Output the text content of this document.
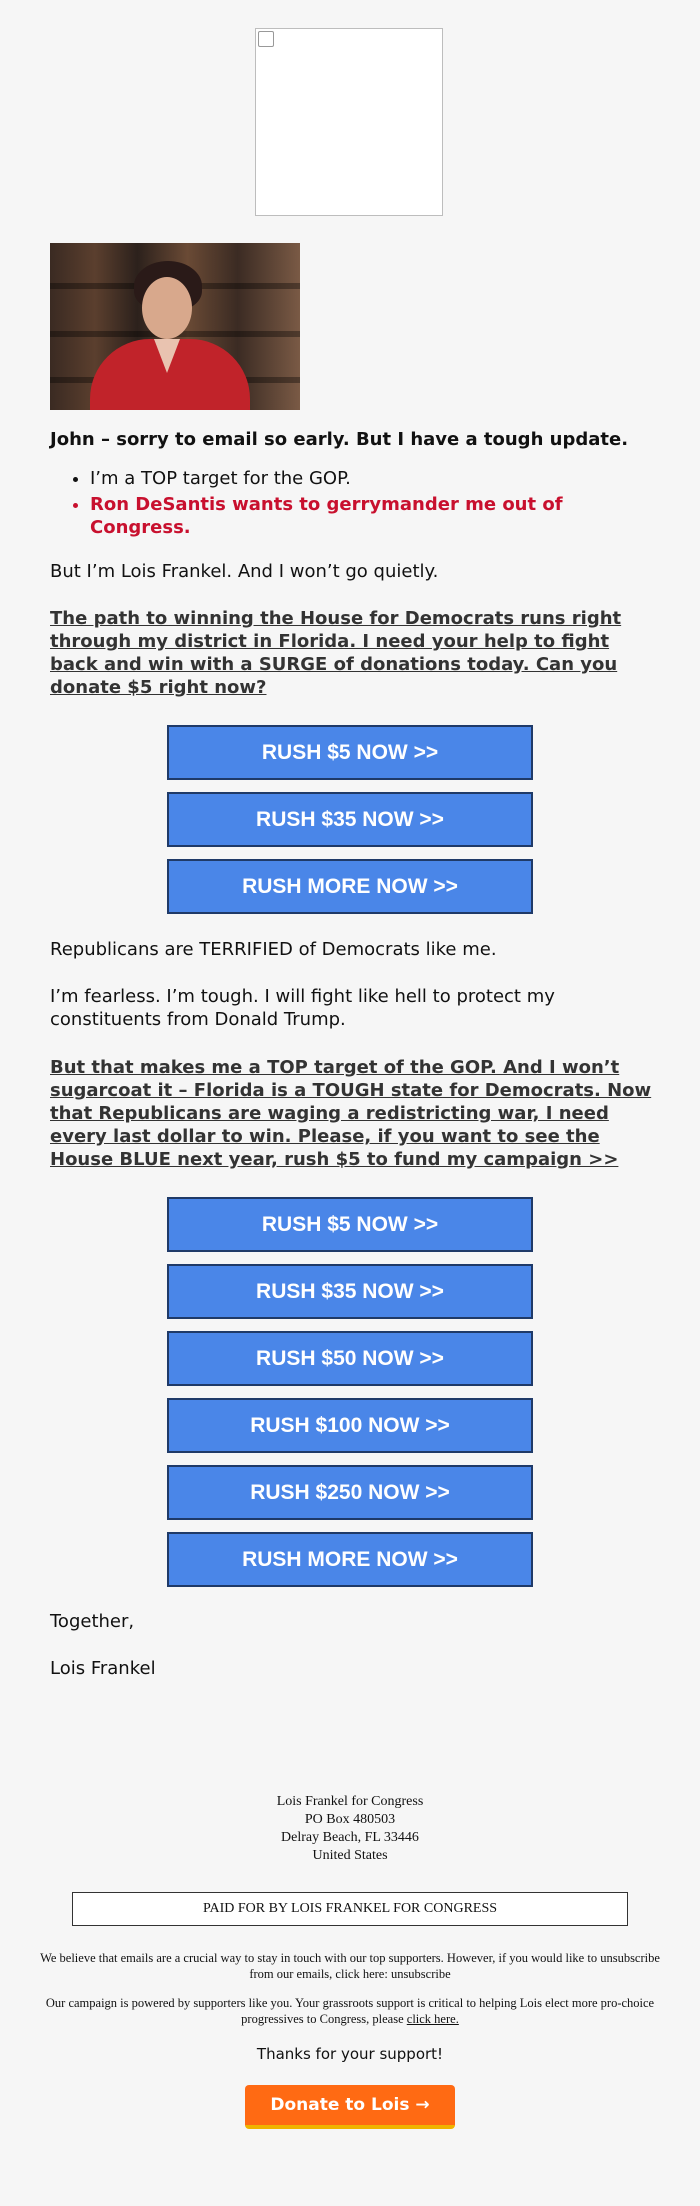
John – sorry to email so early. But I have a tough update.
• I’m a TOP target for the GOP.
• Ron DeSantis wants to gerrymander me out of Congress.
But I’m Lois Frankel. And I won’t go quietly.
The path to winning the House for Democrats runs right through my district in Florida. I need your help to fight back and win with a SURGE of donations today. Can you donate $5 right now?
RUSH $5 NOW >>
RUSH $35 NOW >>
RUSH MORE NOW >>
Republicans are TERRIFIED of Democrats like me.
I’m fearless. I’m tough. I will fight like hell to protect my constituents from Donald Trump.
But that makes me a TOP target of the GOP. And I won’t sugarcoat it – Florida is a TOUGH state for Democrats. Now that Republicans are waging a redistricting war, I need every last dollar to win. Please, if you want to see the House BLUE next year, rush $5 to fund my campaign >>
RUSH $5 NOW >>
RUSH $35 NOW >>
RUSH $50 NOW >>
RUSH $100 NOW >>
RUSH $250 NOW >>
RUSH MORE NOW >>
Together,
Lois Frankel
Lois Frankel for Congress
PO Box 480503
Delray Beach, FL 33446
United States
PAID FOR BY LOIS FRANKEL FOR CONGRESS
We believe that emails are a crucial way to stay in touch with our top supporters. However, if you would like to unsubscribe from our emails, click here: unsubscribe
Our campaign is powered by supporters like you. Your grassroots support is critical to helping Lois elect more pro-choice progressives to Congress, please click here.
Thanks for your support!
Donate to Lois →
